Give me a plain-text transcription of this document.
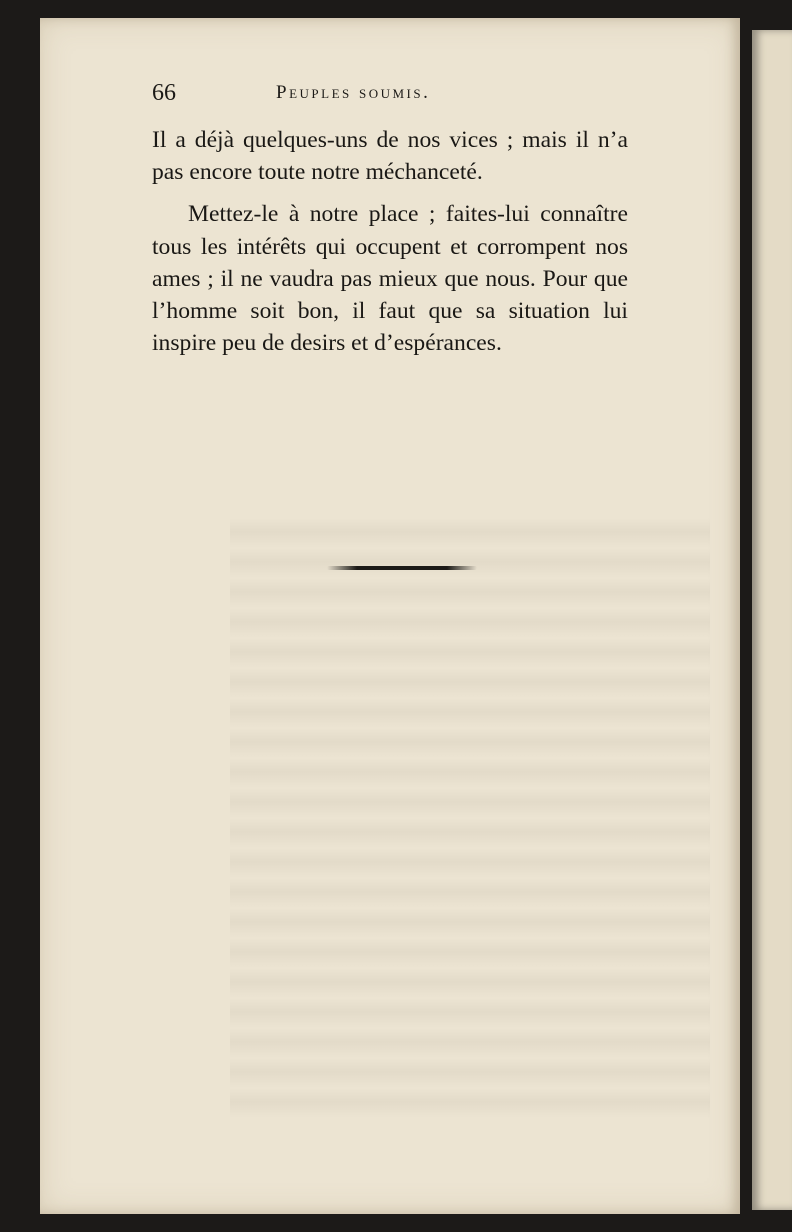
66	Peuples soumis.

Il a déjà quelques-uns de nos vices ; mais il n’a pas encore toute notre méchanceté.

Mettez-le à notre place ; faites-lui connaître tous les intérêts qui occupent et corrompent nos ames ; il ne vaudra pas mieux que nous. Pour que l’homme soit bon, il faut que sa situation lui inspire peu de desirs et d’espérances.
